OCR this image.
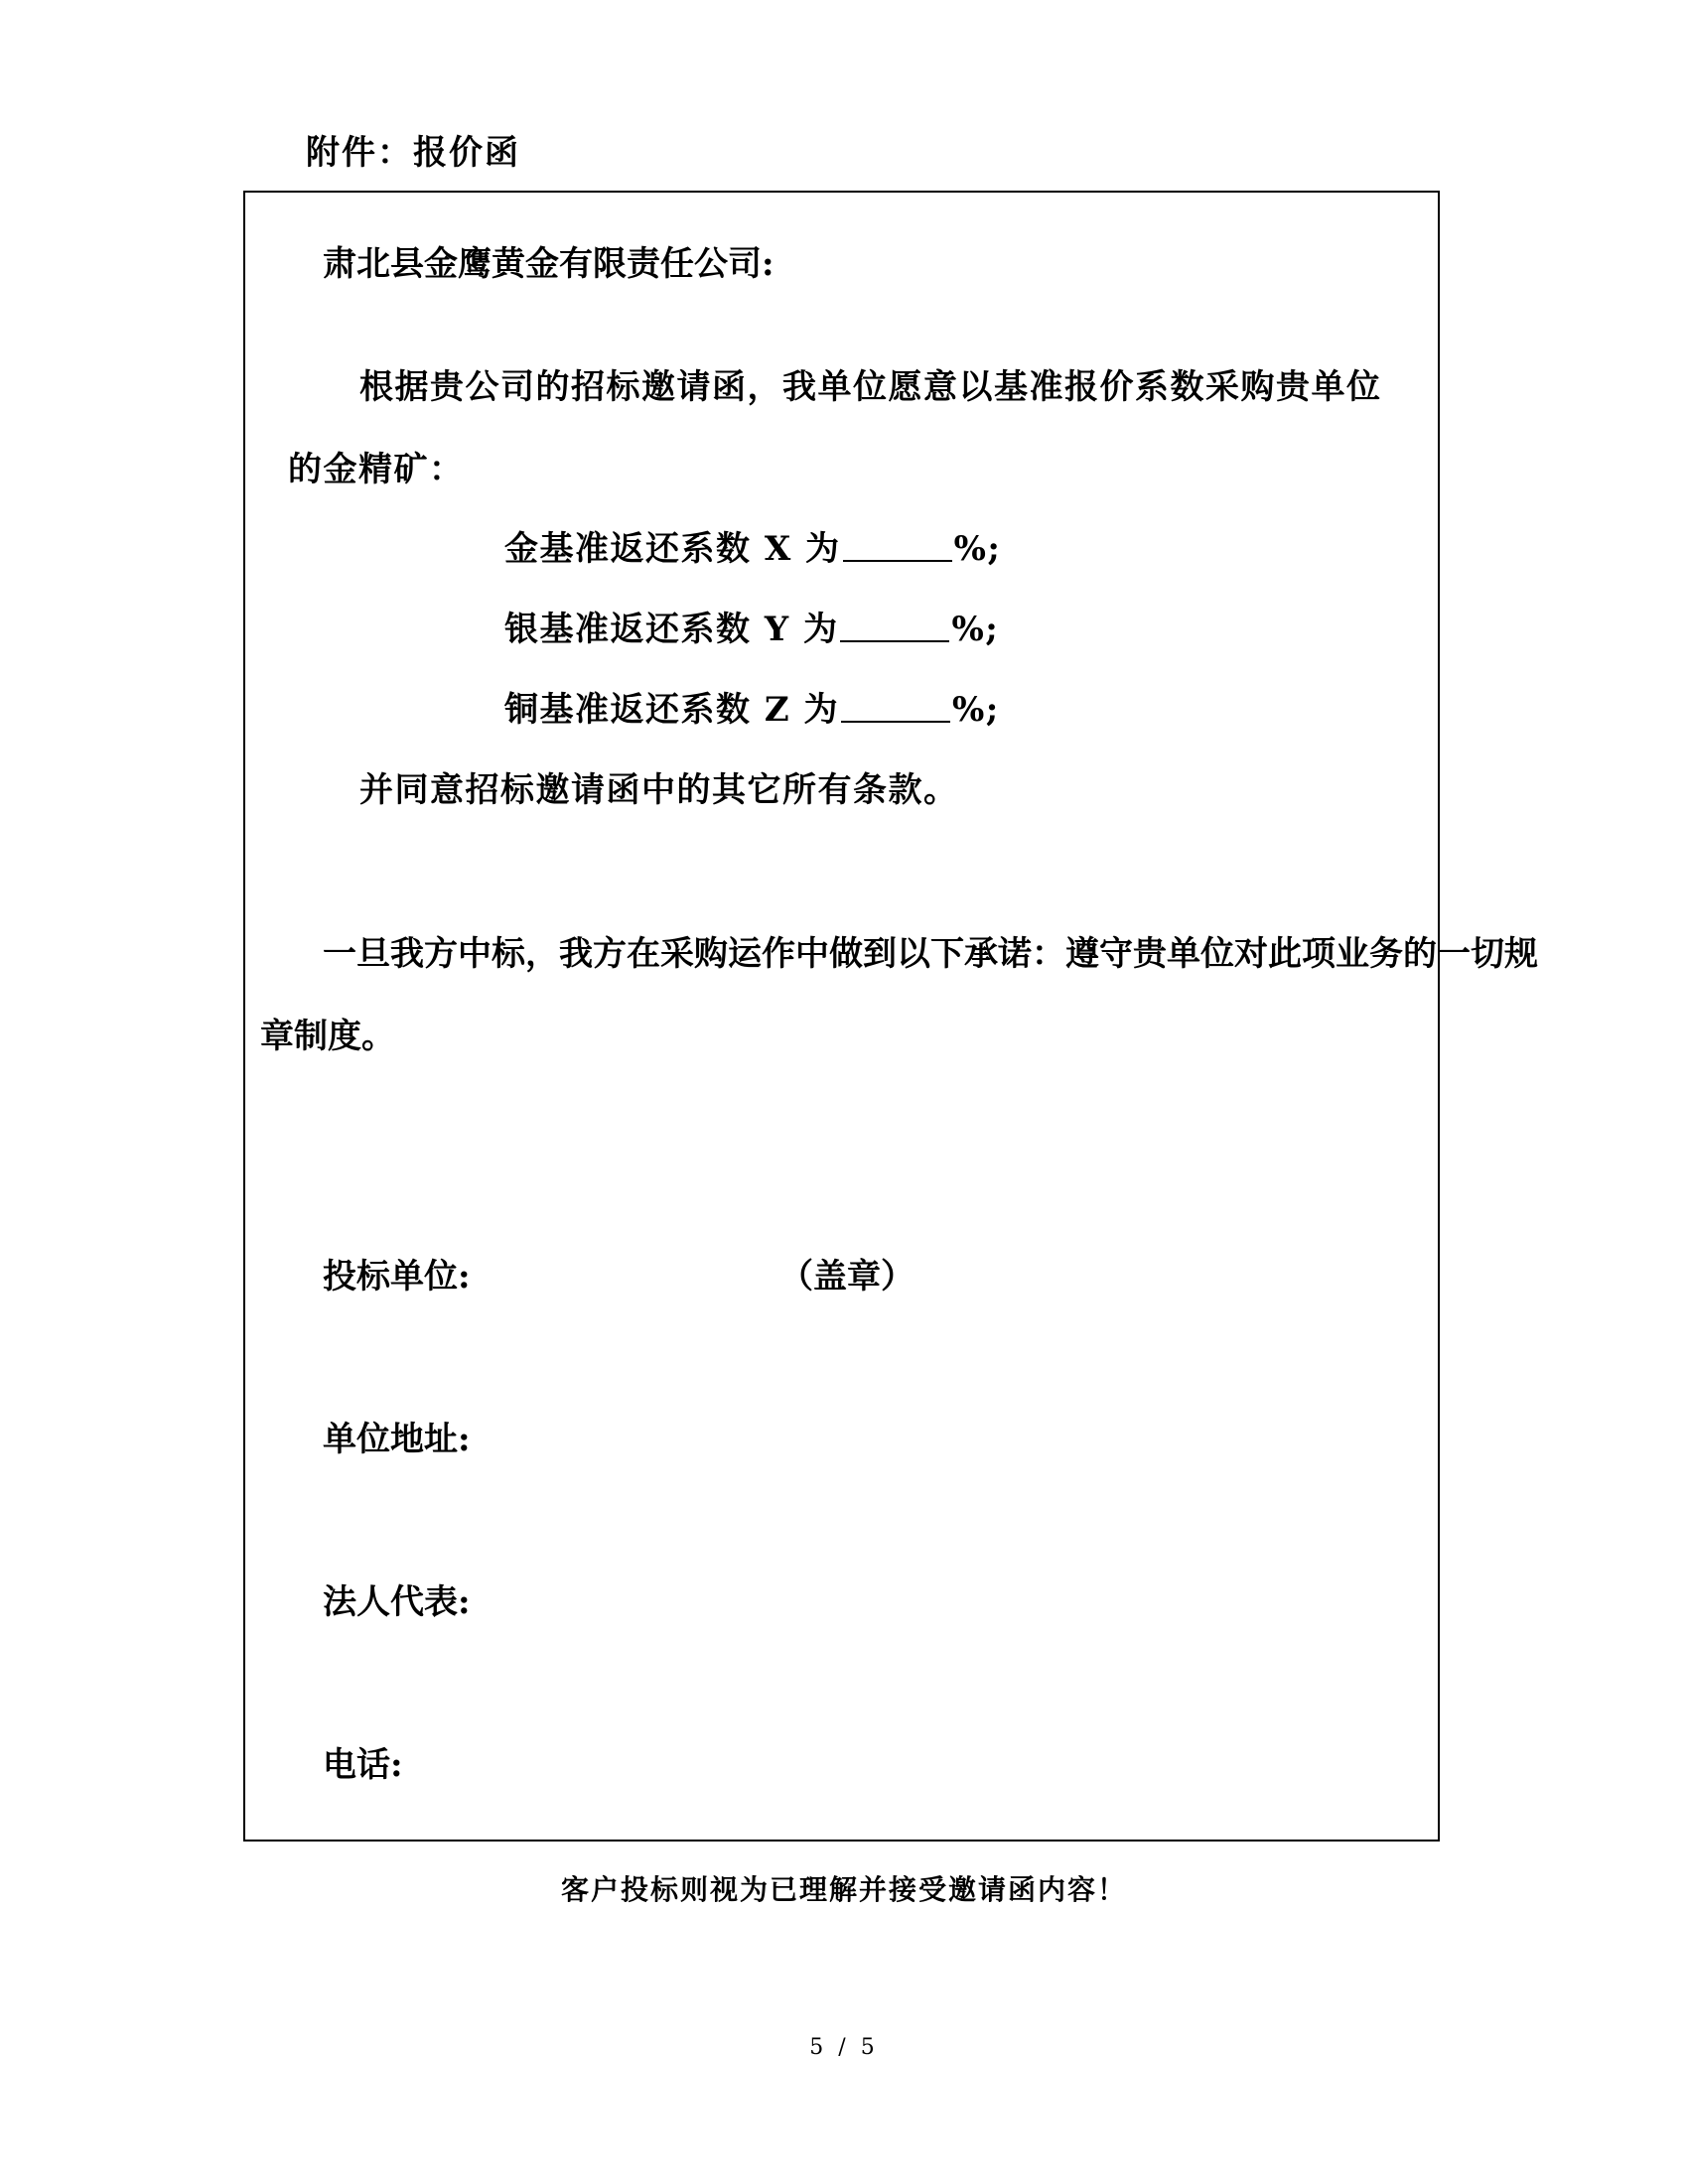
附件：报价函
肃北县金鹰黄金有限责任公司:
根据贵公司的招标邀请函，我单位愿意以基准报价系数采购贵单位
的金精矿：
金基准返还系数 X 为	%;
银基准返还系数 Y 为	%;
铜基准返还系数 Z 为	%;
并同意招标邀请函中的其它所有条款。
一旦我方中标，我方在采购运作中做到以下承诺：遵守贵单位对此项业务的一切规
章制度。
投标单位:	（盖章）
单位地址:
法人代表:
电话:
客户投标则视为已理解并接受邀请函内容！
5 / 5
